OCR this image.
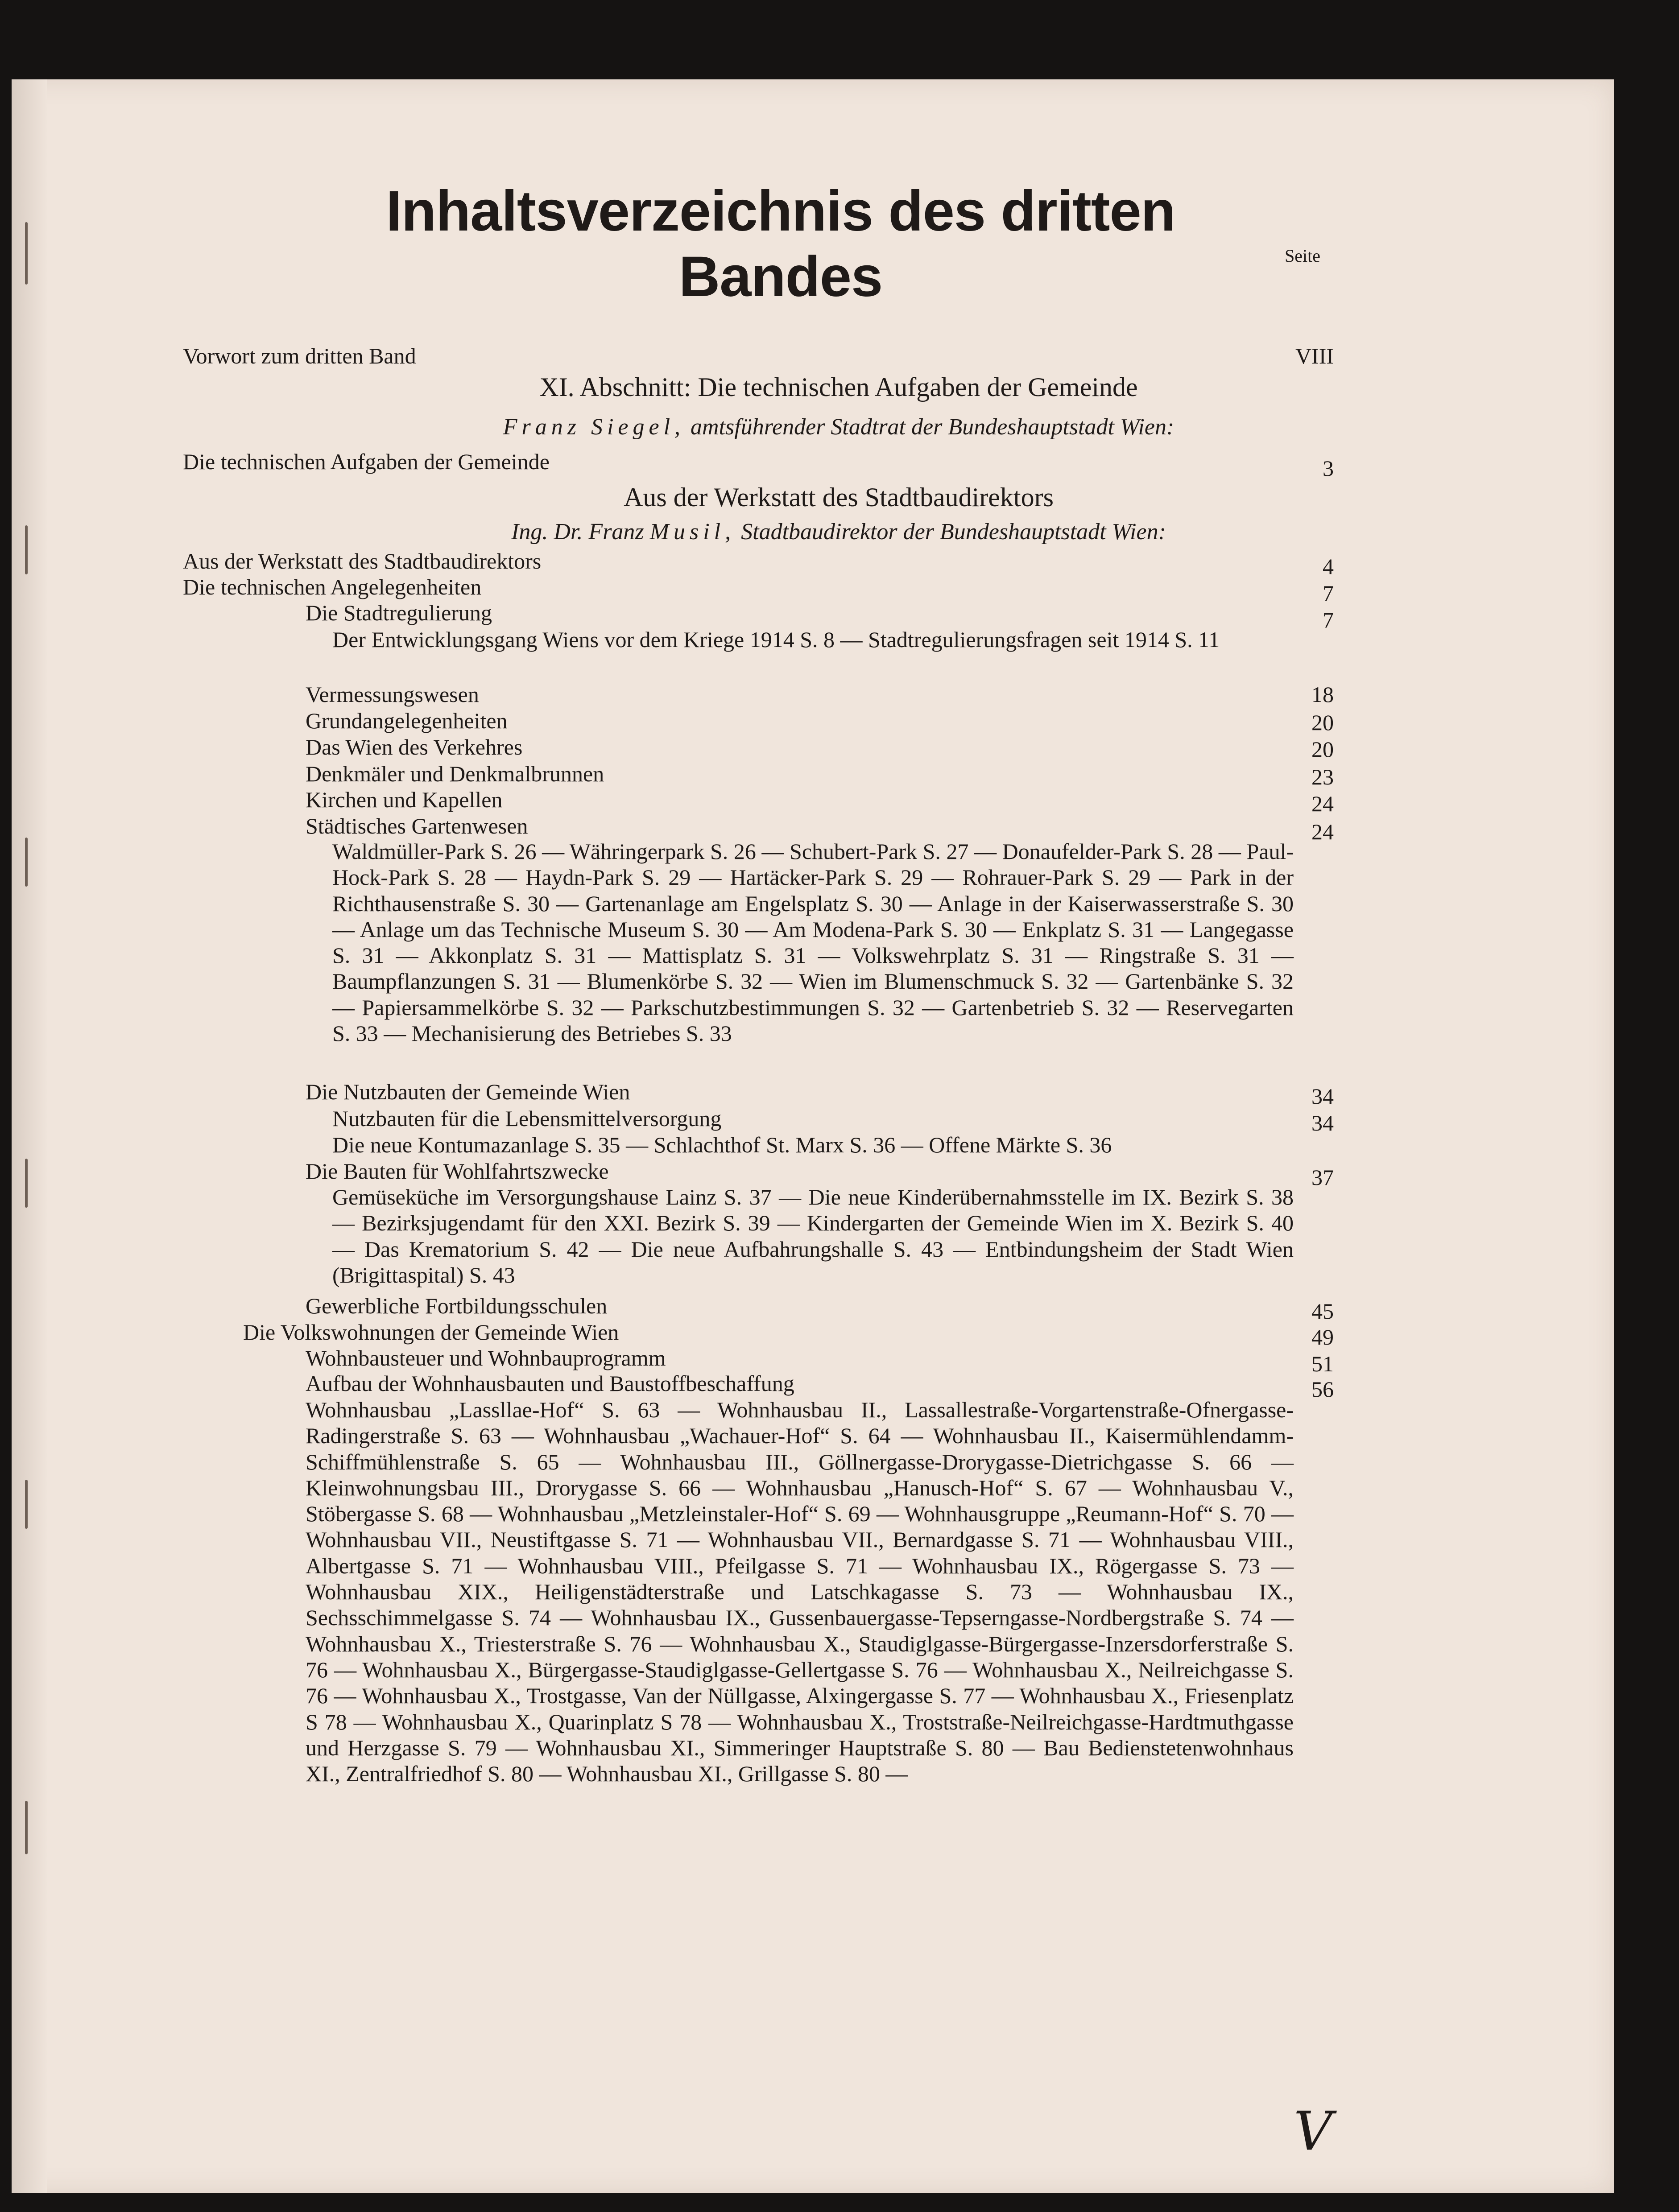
Inhaltsverzeichnis des dritten Bandes	Seite
Vorwort zum dritten Band	VIII
XI. Abschnitt: Die technischen Aufgaben der Gemeinde
Franz Siegel, amtsführender Stadtrat der Bundeshauptstadt Wien:
Die technischen Aufgaben der Gemeinde	3
Aus der Werkstatt des Stadtbaudirektors
Ing. Dr. Franz Musil, Stadtbaudirektor der Bundeshauptstadt Wien:
Aus der Werkstatt des Stadtbaudirektors	4
Die technischen Angelegenheiten	7
Die Stadtregulierung	7
Der Entwicklungsgang Wiens vor dem Kriege 1914 S. 8 — Stadtregulierungsfragen seit 1914 S. 11
Vermessungswesen	18
Grundangelegenheiten	20
Das Wien des Verkehres	20
Denkmäler und Denkmalbrunnen	23
Kirchen und Kapellen	24
Städtisches Gartenwesen	24
Waldmüller-Park S. 26 — Währingerpark S. 26 — Schubert-Park S. 27 — Donaufelder-Park S. 28 — Paul-Hock-Park S. 28 — Haydn-Park S. 29 — Hartäcker-Park S. 29 — Rohrauer-Park S. 29 — Park in der Richthausenstraße S. 30 — Gartenanlage am Engelsplatz S. 30 — Anlage in der Kaiserwasserstraße S. 30 — Anlage um das Technische Museum S. 30 — Am Modena-Park S. 30 — Enkplatz S. 31 — Langegasse S. 31 — Akkonplatz S. 31 — Mattisplatz S. 31 — Volkswehrplatz S. 31 — Ringstraße S. 31 — Baumpflanzungen S. 31 — Blumenkörbe S. 32 — Wien im Blumenschmuck S. 32 — Gartenbänke S. 32 — Papiersammelkörbe S. 32 — Parkschutzbestimmungen S. 32 — Gartenbetrieb S. 32 — Reservegarten S. 33 — Mechanisierung des Betriebes S. 33
Die Nutzbauten der Gemeinde Wien	34
Nutzbauten für die Lebensmittelversorgung	34
Die neue Kontumazanlage S. 35 — Schlachthof St. Marx S. 36 — Offene Märkte S. 36
Die Bauten für Wohlfahrtszwecke	37
Gemüseküche im Versorgungshause Lainz S. 37 — Die neue Kinderübernahmsstelle im IX. Bezirk S. 38 — Bezirksjugendamt für den XXI. Bezirk S. 39 — Kindergarten der Gemeinde Wien im X. Bezirk S. 40 — Das Krematorium S. 42 — Die neue Aufbahrungshalle S. 43 — Entbindungsheim der Stadt Wien (Brigittaspital) S. 43
Gewerbliche Fortbildungsschulen	45
Die Volkswohnungen der Gemeinde Wien	49
Wohnbausteuer und Wohnbauprogramm	51
Aufbau der Wohnhausbauten und Baustoffbeschaffung	56
Wohnhausbau „Lassllae-Hof“ S. 63 — Wohnhausbau II., Lassallestraße-Vorgartenstraße-Ofnergasse-Radingerstraße S. 63 — Wohnhausbau „Wachauer-Hof“ S. 64 — Wohnhausbau II., Kaisermühlendamm-Schiffmühlenstraße S. 65 — Wohnhausbau III., Göllnergasse-Drorygasse-Dietrichgasse S. 66 — Kleinwohnungsbau III., Drorygasse S. 66 — Wohnhausbau „Hanusch-Hof“ S. 67 — Wohnhausbau V., Stöbergasse S. 68 — Wohnhausbau „Metzleinstaler-Hof“ S. 69 — Wohnhausgruppe „Reumann-Hof“ S. 70 — Wohnhausbau VII., Neustiftgasse S. 71 — Wohnhausbau VII., Bernardgasse S. 71 — Wohnhausbau VIII., Albertgasse S. 71 — Wohnhausbau VIII., Pfeilgasse S. 71 — Wohnhausbau IX., Rögergasse S. 73 — Wohnhausbau XIX., Heiligenstädterstraße und Latschkagasse S. 73 — Wohnhausbau IX., Sechsschimmelgasse S. 74 — Wohnhausbau IX., Gussenbauergasse-Tepserngasse-Nordbergstraße S. 74 — Wohnhausbau X., Triesterstraße S. 76 — Wohnhausbau X., Staudiglgasse-Bürgergasse-Inzersdorferstraße S. 76 — Wohnhausbau X., Bürgergasse-Staudiglgasse-Gellertgasse S. 76 — Wohnhausbau X., Neilreichgasse S. 76 — Wohnhausbau X., Trostgasse, Van der Nüllgasse, Alxingergasse S. 77 — Wohnhausbau X., Friesenplatz S 78 — Wohnhausbau X., Quarinplatz S 78 — Wohnhausbau X., Troststraße-Neilreichgasse-Hardtmuthgasse und Herzgasse S. 79 — Wohnhausbau XI., Simmeringer Hauptstraße S. 80 — Bau Bedienstetenwohnhaus XI., Zentralfriedhof S. 80 — Wohnhausbau XI., Grillgasse S. 80 —
V
